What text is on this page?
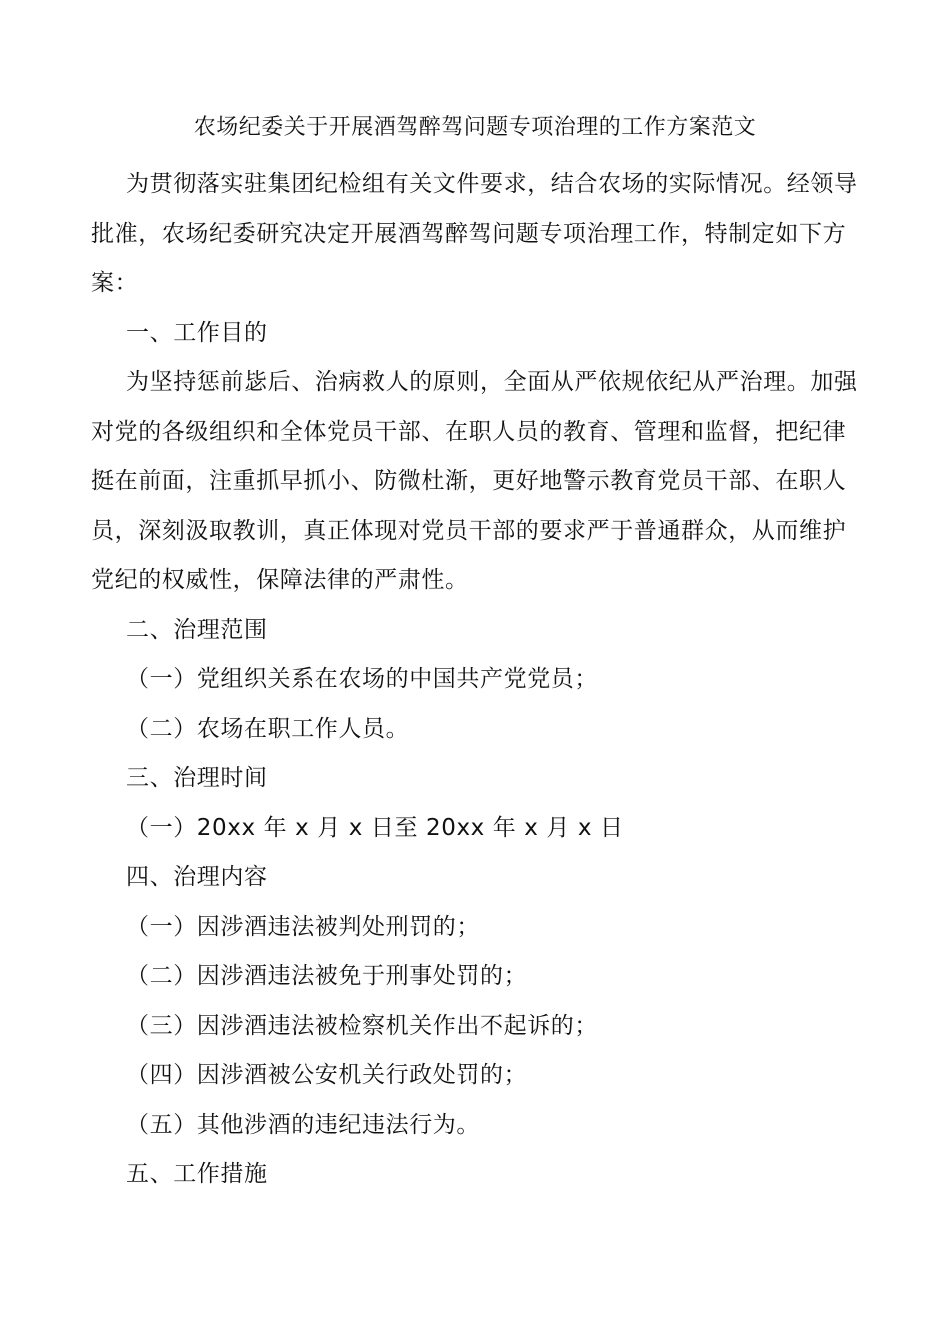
农场纪委关于开展酒驾醉驾问题专项治理的工作方案范文

为贯彻落实驻集团纪检组有关文件要求，结合农场的实际情况。经领导批准，农场纪委研究决定开展酒驾醉驾问题专项治理工作，特制定如下方案：

一、工作目的

为坚持惩前毖后、治病救人的原则，全面从严依规依纪从严治理。加强对党的各级组织和全体党员干部、在职人员的教育、管理和监督，把纪律挺在前面，注重抓早抓小、防微杜渐，更好地警示教育党员干部、在职人员，深刻汲取教训，真正体现对党员干部的要求严于普通群众，从而维护党纪的权威性，保障法律的严肃性。

二、治理范围

（一）党组织关系在农场的中国共产党党员；

（二）农场在职工作人员。

三、治理时间

（一）20xx 年 x 月 x 日至 20xx 年 x 月 x 日

四、治理内容

（一）因涉酒违法被判处刑罚的；

（二）因涉酒违法被免于刑事处罚的；

（三）因涉酒违法被检察机关作出不起诉的；

（四）因涉酒被公安机关行政处罚的；

（五）其他涉酒的违纪违法行为。

五、工作措施
